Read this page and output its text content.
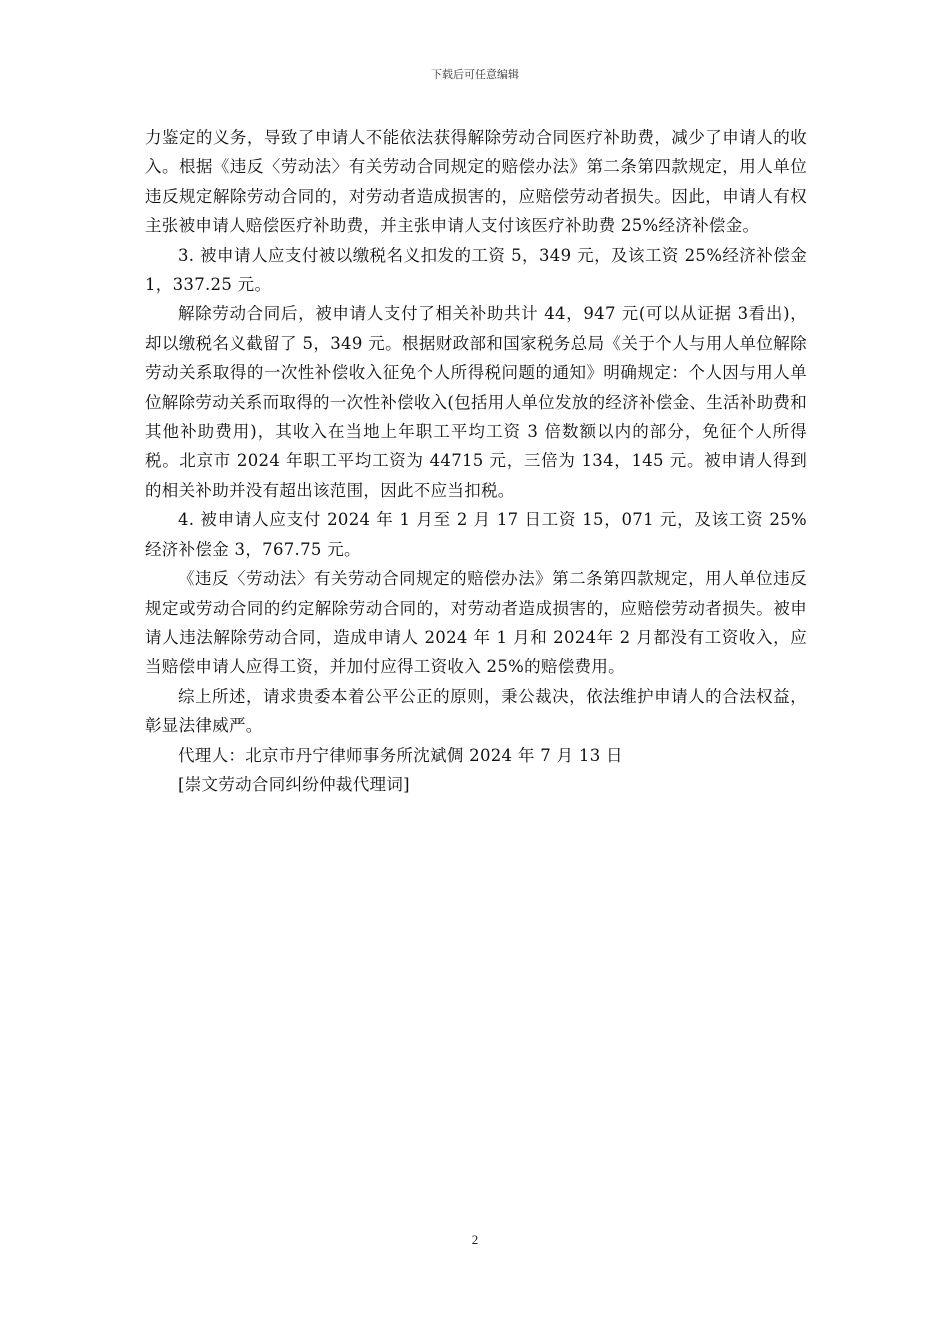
下载后可任意编辑

力鉴定的义务，导致了申请人不能依法获得解除劳动合同医疗补助费，减少了申请人的收入。根据《违反〈劳动法〉有关劳动合同规定的赔偿办法》第二条第四款规定，用人单位违反规定解除劳动合同的，对劳动者造成损害的，应赔偿劳动者损失。因此，申请人有权主张被申请人赔偿医疗补助费，并主张申请人支付该医疗补助费 25%经济补偿金。

3. 被申请人应支付被以缴税名义扣发的工资 5，349 元，及该工资 25%经济补偿金 1，337.25 元。

解除劳动合同后，被申请人支付了相关补助共计 44，947 元(可以从证据 3看出)，却以缴税名义截留了 5，349 元。根据财政部和国家税务总局《关于个人与用人单位解除劳动关系取得的一次性补偿收入征免个人所得税问题的通知》明确规定：个人因与用人单位解除劳动关系而取得的一次性补偿收入(包括用人单位发放的经济补偿金、生活补助费和其他补助费用)，其收入在当地上年职工平均工资 3 倍数额以内的部分，免征个人所得税。北京市 2024 年职工平均工资为 44715 元，三倍为 134，145 元。被申请人得到的相关补助并没有超出该范围，因此不应当扣税。

4. 被申请人应支付 2024 年 1 月至 2 月 17 日工资 15，071 元，及该工资 25%经济补偿金 3，767.75 元。

《违反〈劳动法〉有关劳动合同规定的赔偿办法》第二条第四款规定，用人单位违反规定或劳动合同的约定解除劳动合同的，对劳动者造成损害的，应赔偿劳动者损失。被申请人违法解除劳动合同，造成申请人 2024 年 1 月和 2024年 2 月都没有工资收入，应当赔偿申请人应得工资，并加付应得工资收入 25%的赔偿费用。

综上所述，请求贵委本着公平公正的原则，秉公裁决，依法维护申请人的合法权益，彰显法律威严。

代理人：北京市丹宁律师事务所沈斌倜 2024 年 7 月 13 日

[崇文劳动合同纠纷仲裁代理词]

2
